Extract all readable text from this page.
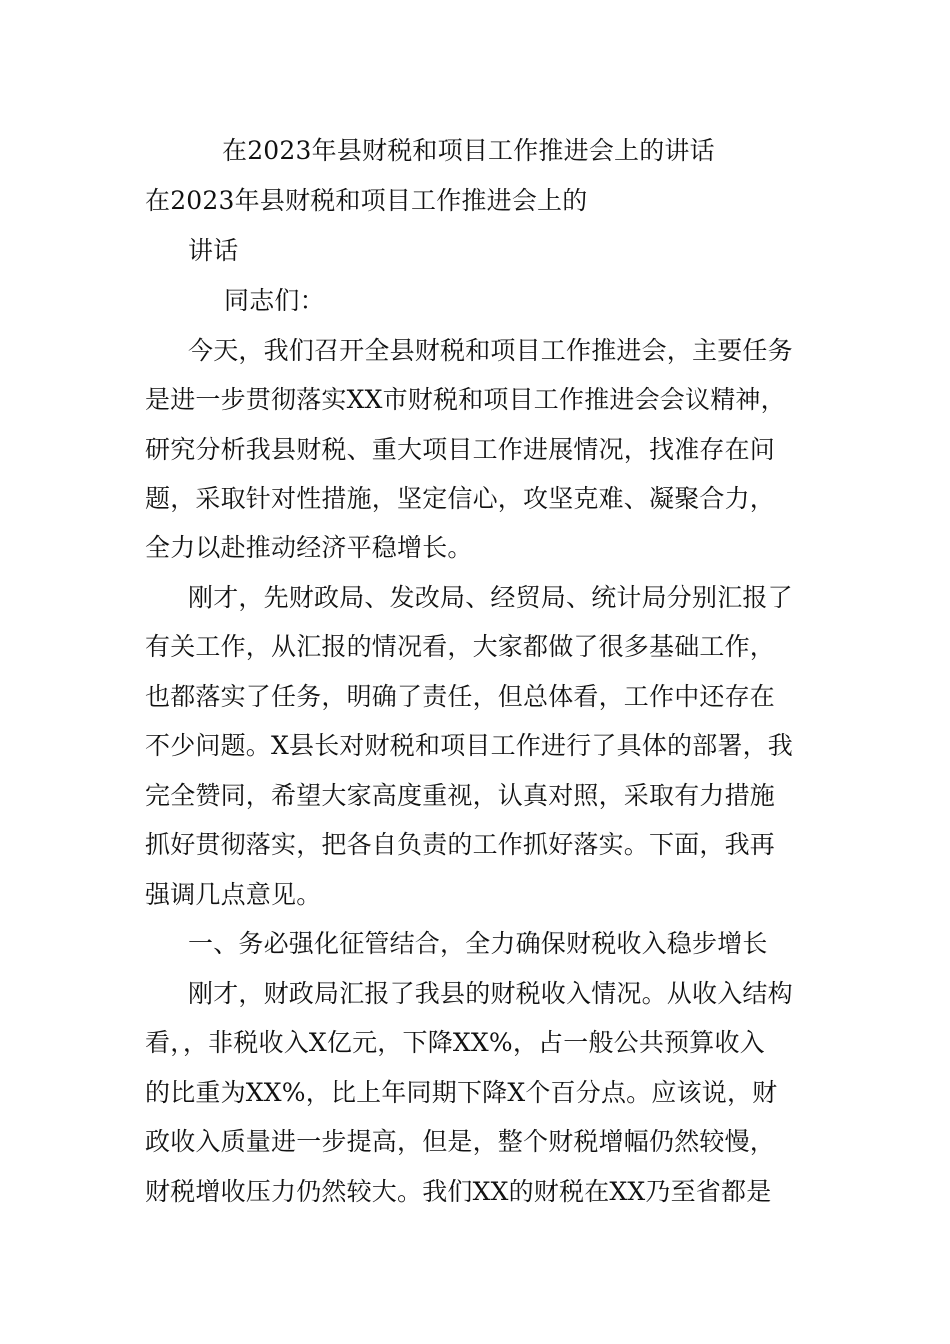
在2023年县财税和项目工作推进会上的讲话
在2023年县财税和项目工作推进会上的
讲话
同志们：
今天，我们召开全县财税和项目工作推进会，主要任务
是进一步贯彻落实XX市财税和项目工作推进会会议精神，
研究分析我县财税、重大项目工作进展情况，找准存在问
题，采取针对性措施，坚定信心，攻坚克难、凝聚合力，
全力以赴推动经济平稳增长。
刚才，先财政局、发改局、经贸局、统计局分别汇报了
有关工作，从汇报的情况看，大家都做了很多基础工作，
也都落实了任务，明确了责任，但总体看，工作中还存在
不少问题。X县长对财税和项目工作进行了具体的部署，我
完全赞同，希望大家高度重视，认真对照，采取有力措施
抓好贯彻落实，把各自负责的工作抓好落实。下面，我再
强调几点意见。
一、务必强化征管结合，全力确保财税收入稳步增长
刚才，财政局汇报了我县的财税收入情况。从收入结构
看，，非税收入X亿元，下降XX%，占一般公共预算收入
的比重为XX%，比上年同期下降X个百分点。应该说，财
政收入质量进一步提高，但是，整个财税增幅仍然较慢，
财税增收压力仍然较大。我们XX的财税在XX乃至省都是
